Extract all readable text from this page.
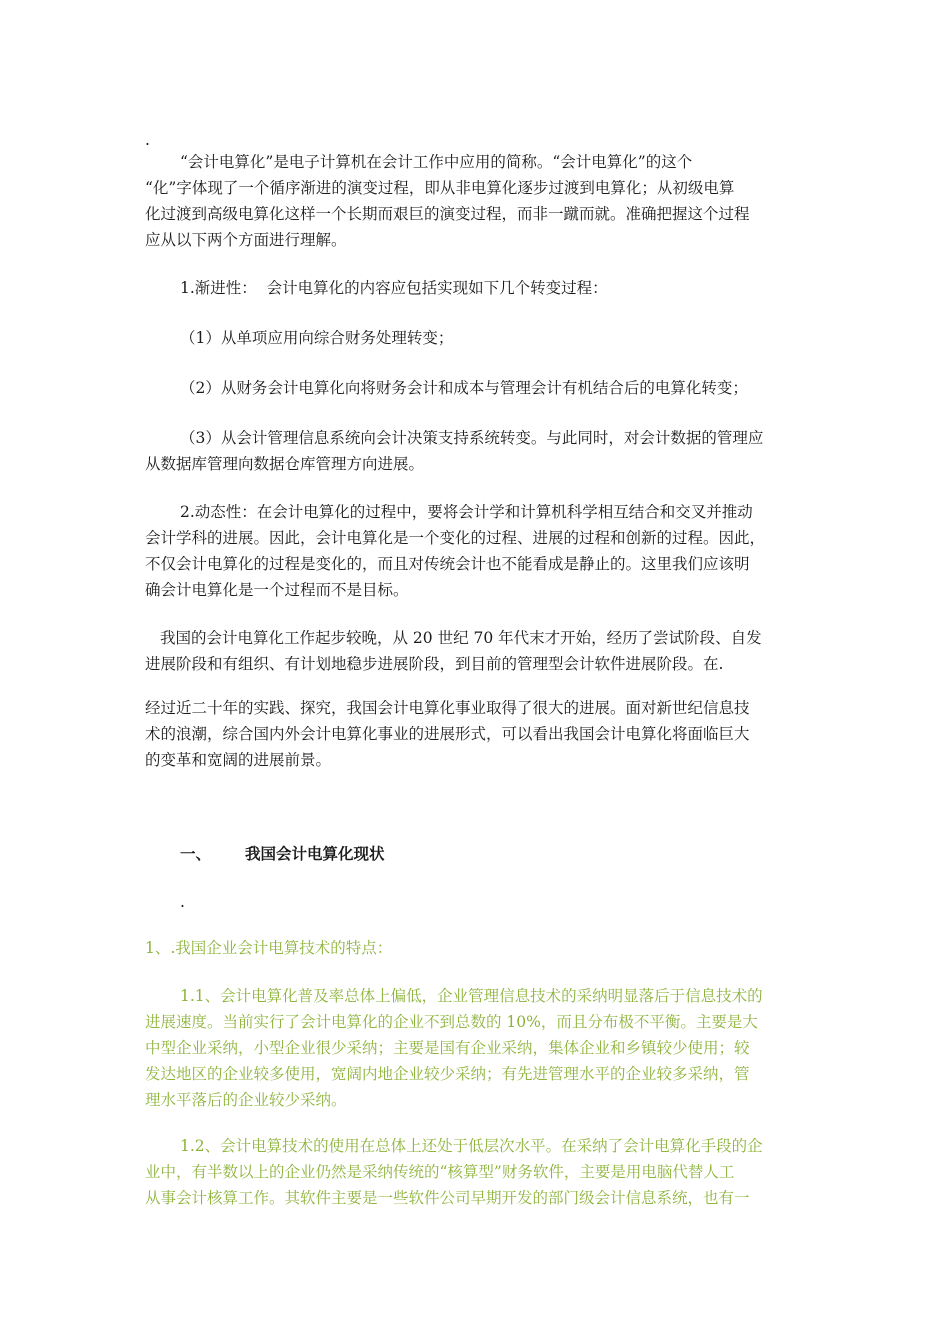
.
“会计电算化”是电子计算机在会计工作中应用的简称。“会计电算化”的这个
“化”字体现了一个循序渐进的演变过程，即从非电算化逐步过渡到电算化；从初级电算
化过渡到高级电算化这样一个长期而艰巨的演变过程，而非一蹴而就。准确把握这个过程
应从以下两个方面进行理解。
1.渐进性：  会计电算化的内容应包括实现如下几个转变过程：
（1）从单项应用向综合财务处理转变；
（2）从财务会计电算化向将财务会计和成本与管理会计有机结合后的电算化转变；
（3）从会计管理信息系统向会计决策支持系统转变。与此同时，对会计数据的管理应
从数据库管理向数据仓库管理方向进展。
2.动态性：在会计电算化的过程中，要将会计学和计算机科学相互结合和交叉并推动
会计学科的进展。因此，会计电算化是一个变化的过程、进展的过程和创新的过程。因此，
不仅会计电算化的过程是变化的，而且对传统会计也不能看成是静止的。这里我们应该明
确会计电算化是一个过程而不是目标。
我国的会计电算化工作起步较晚，从 20 世纪 70 年代末才开始，经历了尝试阶段、自发
进展阶段和有组织、有计划地稳步进展阶段，到目前的管理型会计软件进展阶段。在.
经过近二十年的实践、探究，我国会计电算化事业取得了很大的进展。面对新世纪信息技
术的浪潮，综合国内外会计电算化事业的进展形式，可以看出我国会计电算化将面临巨大
的变革和宽阔的进展前景。
一、 我国会计电算化现状
.
1、.我国企业会计电算技术的特点：
1.1、会计电算化普及率总体上偏低，企业管理信息技术的采纳明显落后于信息技术的
进展速度。当前实行了会计电算化的企业不到总数的 10%，而且分布极不平衡。主要是大
中型企业采纳，小型企业很少采纳；主要是国有企业采纳，集体企业和乡镇较少使用；较
发达地区的企业较多使用，宽阔内地企业较少采纳；有先进管理水平的企业较多采纳，管
理水平落后的企业较少采纳。
1.2、会计电算技术的使用在总体上还处于低层次水平。在采纳了会计电算化手段的企
业中，有半数以上的企业仍然是采纳传统的“核算型”财务软件，主要是用电脑代替人工
从事会计核算工作。其软件主要是一些软件公司早期开发的部门级会计信息系统，也有一
